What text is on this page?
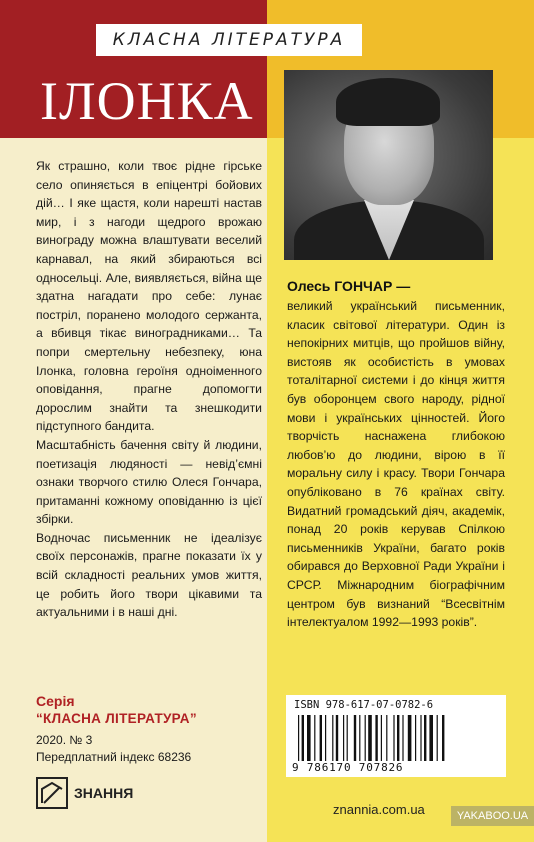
КЛАСНА ЛІТЕРАТУРА
ІЛОНКА

Як страшно, коли твоє рідне гірське село опиняється в епіцентрі бойових дій… І яке щастя, коли нарешті настав мир, і з нагоди щедрого врожаю винограду можна влаштувати веселий карнавал, на який збираються всі односельці. Але, виявляється, війна ще здатна нагадати про себе: лунає постріл, поранено молодого сержанта, а вбивця тікає виноградниками… Та попри смертельну небезпеку, юна Ілонка, головна героїня одноіменного оповідання, прагне допомогти дорослим знайти та знешкодити підступного бандита.

Масштабність бачення світу й людини, поетизація людяності — невід’ємні ознаки творчого стилю Олеся Гончара, притаманні кожному оповіданню із цієї збірки.

Водночас письменник не ідеалізує своїх персонажів, прагне показати їх у всій складності реальних умов життя, це робить його твори цікавими та актуальними і в наші дні.

Олесь ГОНЧАР —
великий український письменник, класик світової літератури. Один із непокірних митців, що пройшов війну, вистояв як особистість в умовах тоталітарної системи і до кінця життя був оборонцем свого народу, рідної мови і українських цінностей. Його творчість наснажена глибокою любов’ю до людини, вірою в її моральну силу і красу. Твори Гончара опубліковано в 76 країнах світу. Видатний громадський діяч, академік, понад 20 років керував Спілкою письменників України, багато років обирався до Верховної Ради України і СРСР. Міжнародним біографічним центром був визнаний “Всесвітнім інтелектуалом 1992—1993 років”.
Серія
“КЛАСНА ЛІТЕРАТУРА”
2020. № 3
Передплатний індекс 68236
ЗНАННЯ
ISBN 978-617-07-0782-6
9 786170 707826
znannia.com.ua	YAKABOO.UA
